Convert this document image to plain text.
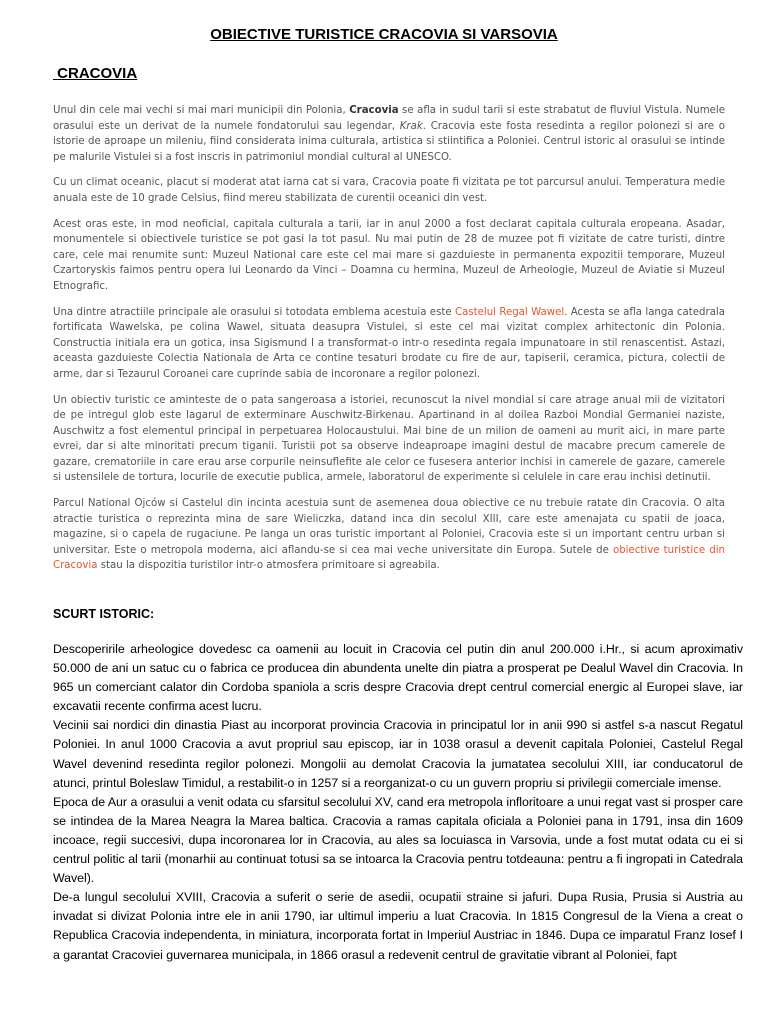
OBIECTIVE TURISTICE CRACOVIA SI VARSOVIA
CRACOVIA

Unul din cele mai vechi si mai mari municipii din Polonia, Cracovia se afla in sudul tarii si este strabatut de fluviul Vistula. Numele orasului este un derivat de la numele fondatorului sau legendar, Krak. Cracovia este fosta resedinta a regilor polonezi si are o istorie de aproape un mileniu, fiind considerata inima culturala, artistica si stiintifica a Poloniei. Centrul istoric al orasului se intinde pe malurile Vistulei si a fost inscris in patrimoniul mondial cultural al UNESCO.

Cu un climat oceanic, placut si moderat atat iarna cat si vara, Cracovia poate fi vizitata pe tot parcursul anului. Temperatura medie anuala este de 10 grade Celsius, fiind mereu stabilizata de curentii oceanici din vest.

Acest oras este, in mod neoficial, capitala culturala a tarii, iar in anul 2000 a fost declarat capitala culturala eropeana. Asadar, monumentele si obiectivele turistice se pot gasi la tot pasul. Nu mai putin de 28 de muzee pot fi vizitate de catre turisti, dintre care, cele mai renumite sunt: Muzeul National care este cel mai mare si gazduieste in permanenta expozitii temporare, Muzeul Czartoryskis faimos pentru opera lui Leonardo da Vinci – Doamna cu hermina, Muzeul de Arheologie, Muzeul de Aviatie si Muzeul Etnografic.

Una dintre atractiile principale ale orasului si totodata emblema acestuia este Castelul Regal Wawel. Acesta se afla langa catedrala fortificata Wawelska, pe colina Wawel, situata deasupra Vistulei, si este cel mai vizitat complex arhitectonic din Polonia. Constructia initiala era un gotica, insa Sigismund I a transformat-o intr-o resedinta regala impunatoare in stil renascentist. Astazi, aceasta gazduieste Colectia Nationala de Arta ce contine tesaturi brodate cu fire de aur, tapiserii, ceramica, pictura, colectii de arme, dar si Tezaurul Coroanei care cuprinde sabia de incoronare a regilor polonezi.

Un obiectiv turistic ce aminteste de o pata sangeroasa a istoriei, recunoscut la nivel mondial si care atrage anual mii de vizitatori de pe intregul glob este lagarul de exterminare Auschwitz-Birkenau. Apartinand in al doilea Razboi Mondial Germaniei naziste, Auschwitz a fost elementul principal in perpetuarea Holocaustului. Mai bine de un milion de oameni au murit aici, in mare parte evrei, dar si alte minoritati precum tiganii. Turistii pot sa observe indeaproape imagini destul de macabre precum camerele de gazare, crematoriile in care erau arse corpurile neinsuflefite ale celor ce fusesera anterior inchisi in camerele de gazare, camerele si ustensilele de tortura, locurile de executie publica, armele, laboratorul de experimente si celulele in care erau inchisi detinutii.

Parcul National Ojców si Castelul din incinta acestuia sunt de asemenea doua obiective ce nu trebuie ratate din Cracovia. O alta atractie turistica o reprezinta mina de sare Wieliczka, datand inca din secolul XIII, care este amenajata cu spatii de joaca, magazine, si o capela de rugaciune. Pe langa un oras turistic important al Poloniei, Cracovia este si un important centru urban si universitar. Este o metropola moderna, aici aflandu-se si cea mai veche universitate din Europa. Sutele de obiective turistice din Cracovia stau la dispozitia turistilor intr-o atmosfera primitoare si agreabila.

SCURT ISTORIC:

Descoperirile arheologice dovedesc ca oamenii au locuit in Cracovia cel putin din anul 200.000 i.Hr., si acum aproximativ 50.000 de ani un satuc cu o fabrica ce producea din abundenta unelte din piatra a prosperat pe Dealul Wavel din Cracovia. In 965 un comerciant calator din Cordoba spaniola a scris despre Cracovia drept centrul comercial energic al Europei slave, iar excavatii recente confirma acest lucru.

Vecinii sai nordici din dinastia Piast au incorporat provincia Cracovia in principatul lor in anii 990 si astfel s-a nascut Regatul Poloniei. In anul 1000 Cracovia a avut propriul sau episcop, iar in 1038 orasul a devenit capitala Poloniei, Castelul Regal Wavel devenind resedinta regilor polonezi. Mongolii au demolat Cracovia la jumatatea secolului XIII, iar conducatorul de atunci, printul Boleslaw Timidul, a restabilit-o in 1257 si a reorganizat-o cu un guvern propriu si privilegii comerciale imense.

Epoca de Aur a orasului a venit odata cu sfarsitul secolului XV, cand era metropola infloritoare a unui regat vast si prosper care se intindea de la Marea Neagra la Marea baltica. Cracovia a ramas capitala oficiala a Poloniei pana in 1791, insa din 1609 incoace, regii succesivi, dupa incoronarea lor in Cracovia, au ales sa locuiasca in Varsovia, unde a fost mutat odata cu ei si centrul politic al tarii (monarhii au continuat totusi sa se intoarca la Cracovia pentru totdeauna: pentru a fi ingropati in Catedrala Wavel).

De-a lungul secolului XVIII, Cracovia a suferit o serie de asedii, ocupatii straine si jafuri. Dupa Rusia, Prusia si Austria au invadat si divizat Polonia intre ele in anii 1790, iar ultimul imperiu a luat Cracovia. In 1815 Congresul de la Viena a creat o Republica Cracovia independenta, in miniatura, incorporata fortat in Imperiul Austriac in 1846. Dupa ce imparatul Franz Iosef I a garantat Cracoviei guvernarea municipala, in 1866 orasul a redevenit centrul de gravitatie vibrant al Poloniei, fapt
